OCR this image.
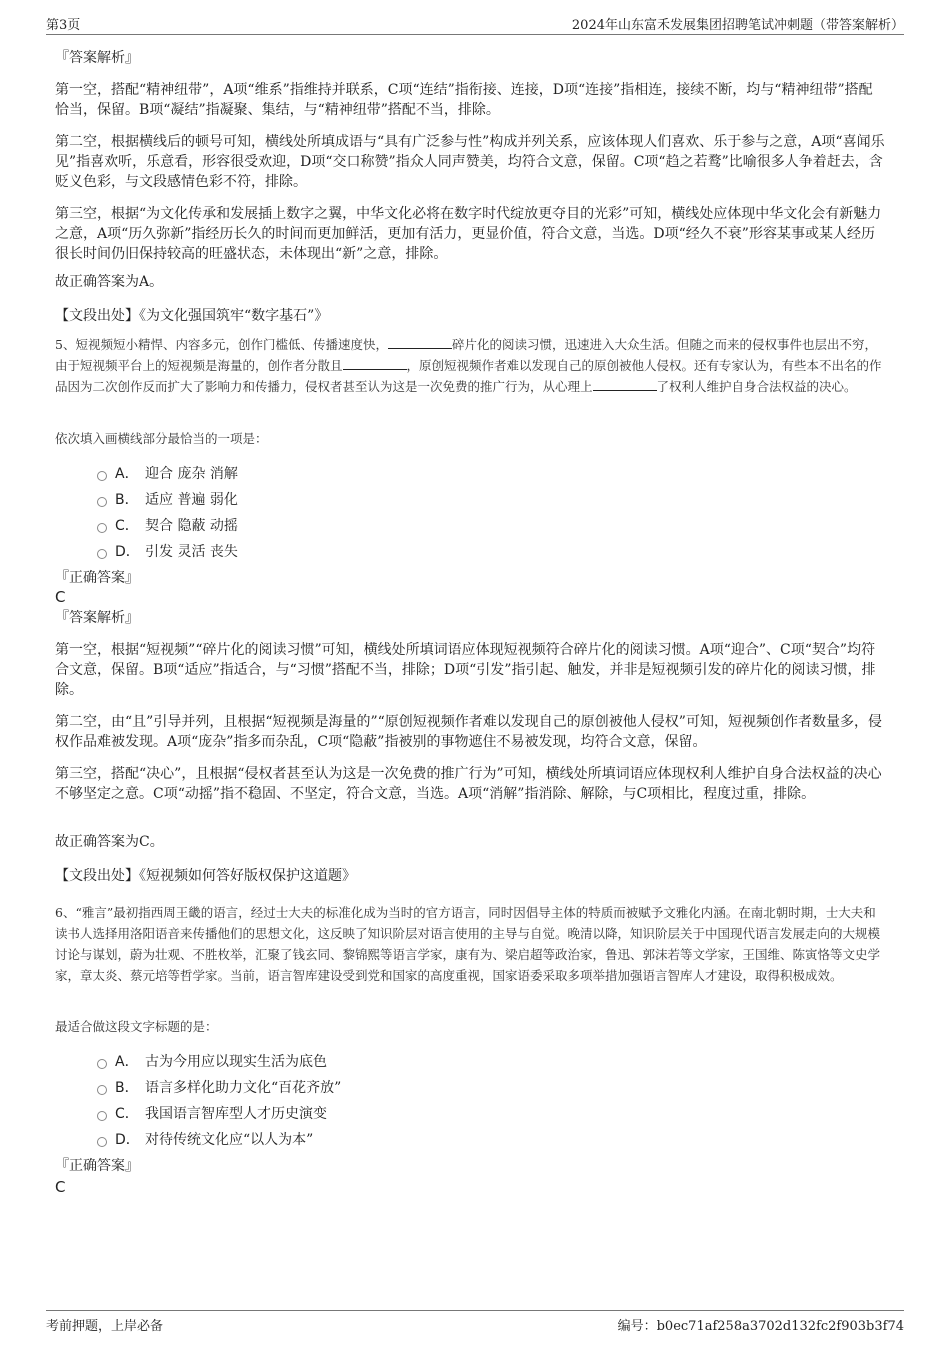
第3页	2024年山东富禾发展集团招聘笔试冲刺题（带答案解析）
『答案解析』
第一空，搭配“精神纽带”，A项“维系”指维持并联系，C项“连结”指衔接、连接，D项“连接”指相连，接续不断，均与“精神纽带”搭配恰当，保留。B项“凝结”指凝聚、集结，与“精神纽带”搭配不当，排除。
第二空，根据横线后的顿号可知，横线处所填成语与“具有广泛参与性”构成并列关系，应该体现人们喜欢、乐于参与之意，A项“喜闻乐见”指喜欢听，乐意看，形容很受欢迎，D项“交口称赞”指众人同声赞美，均符合文意，保留。C项“趋之若鹜”比喻很多人争着赶去，含贬义色彩，与文段感情色彩不符，排除。
第三空，根据“为文化传承和发展插上数字之翼，中华文化必将在数字时代绽放更夺目的光彩”可知，横线处应体现中华文化会有新魅力之意，A项“历久弥新”指经历长久的时间而更加鲜活，更加有活力，更显价值，符合文意，当选。D项“经久不衰”形容某事或某人经历很长时间仍旧保持较高的旺盛状态，未体现出“新”之意，排除。
故正确答案为A。
【文段出处】《为文化强国筑牢“数字基石”》
5、短视频短小精悍、内容多元，创作门槛低、传播速度快，	碎片化的阅读习惯，迅速进入大众生活。但随之而来的侵权事件也层出不穷，由于短视频平台上的短视频是海量的，创作者分散且	，原创短视频作者难以发现自己的原创被他人侵权。还有专家认为，有些本不出名的作品因为二次创作反而扩大了影响力和传播力，侵权者甚至认为这是一次免费的推广行为，从心理上	了权利人维护自身合法权益的决心。
依次填入画横线部分最恰当的一项是：
A． 迎合 庞杂 消解
B． 适应 普遍 弱化
C． 契合 隐蔽 动摇
D． 引发 灵活 丧失
『正确答案』
C
『答案解析』
第一空，根据“短视频”“碎片化的阅读习惯”可知，横线处所填词语应体现短视频符合碎片化的阅读习惯。A项“迎合”、C项“契合”均符合文意，保留。B项“适应”指适合，与“习惯”搭配不当，排除；D项“引发”指引起、触发，并非是短视频引发的碎片化的阅读习惯，排除。
第二空，由“且”引导并列，且根据“短视频是海量的”“原创短视频作者难以发现自己的原创被他人侵权”可知，短视频创作者数量多，侵权作品难被发现。A项“庞杂”指多而杂乱，C项“隐蔽”指被别的事物遮住不易被发现，均符合文意，保留。
第三空，搭配“决心”，且根据“侵权者甚至认为这是一次免费的推广行为”可知，横线处所填词语应体现权利人维护自身合法权益的决心不够坚定之意。C项“动摇”指不稳固、不坚定，符合文意，当选。A项“消解”指消除、解除，与C项相比，程度过重，排除。
故正确答案为C。
【文段出处】《短视频如何答好版权保护这道题》
6、“雅言”最初指西周王畿的语言，经过士大夫的标准化成为当时的官方语言，同时因倡导主体的特质而被赋予文雅化内涵。在南北朝时期，士大夫和读书人选择用洛阳语音来传播他们的思想文化，这反映了知识阶层对语言使用的主导与自觉。晚清以降，知识阶层关于中国现代语言发展走向的大规模讨论与谋划，蔚为壮观、不胜枚举，汇聚了钱玄同、黎锦熙等语言学家，康有为、梁启超等政治家，鲁迅、郭沫若等文学家，王国维、陈寅恪等文史学家，章太炎、蔡元培等哲学家。当前，语言智库建设受到党和国家的高度重视，国家语委采取多项举措加强语言智库人才建设，取得积极成效。
最适合做这段文字标题的是：
A． 古为今用应以现实生活为底色
B． 语言多样化助力文化“百花齐放”
C． 我国语言智库型人才历史演变
D． 对待传统文化应“以人为本”
『正确答案』
C
考前押题，上岸必备	编号：b0ec71af258a3702d132fc2f903b3f74
